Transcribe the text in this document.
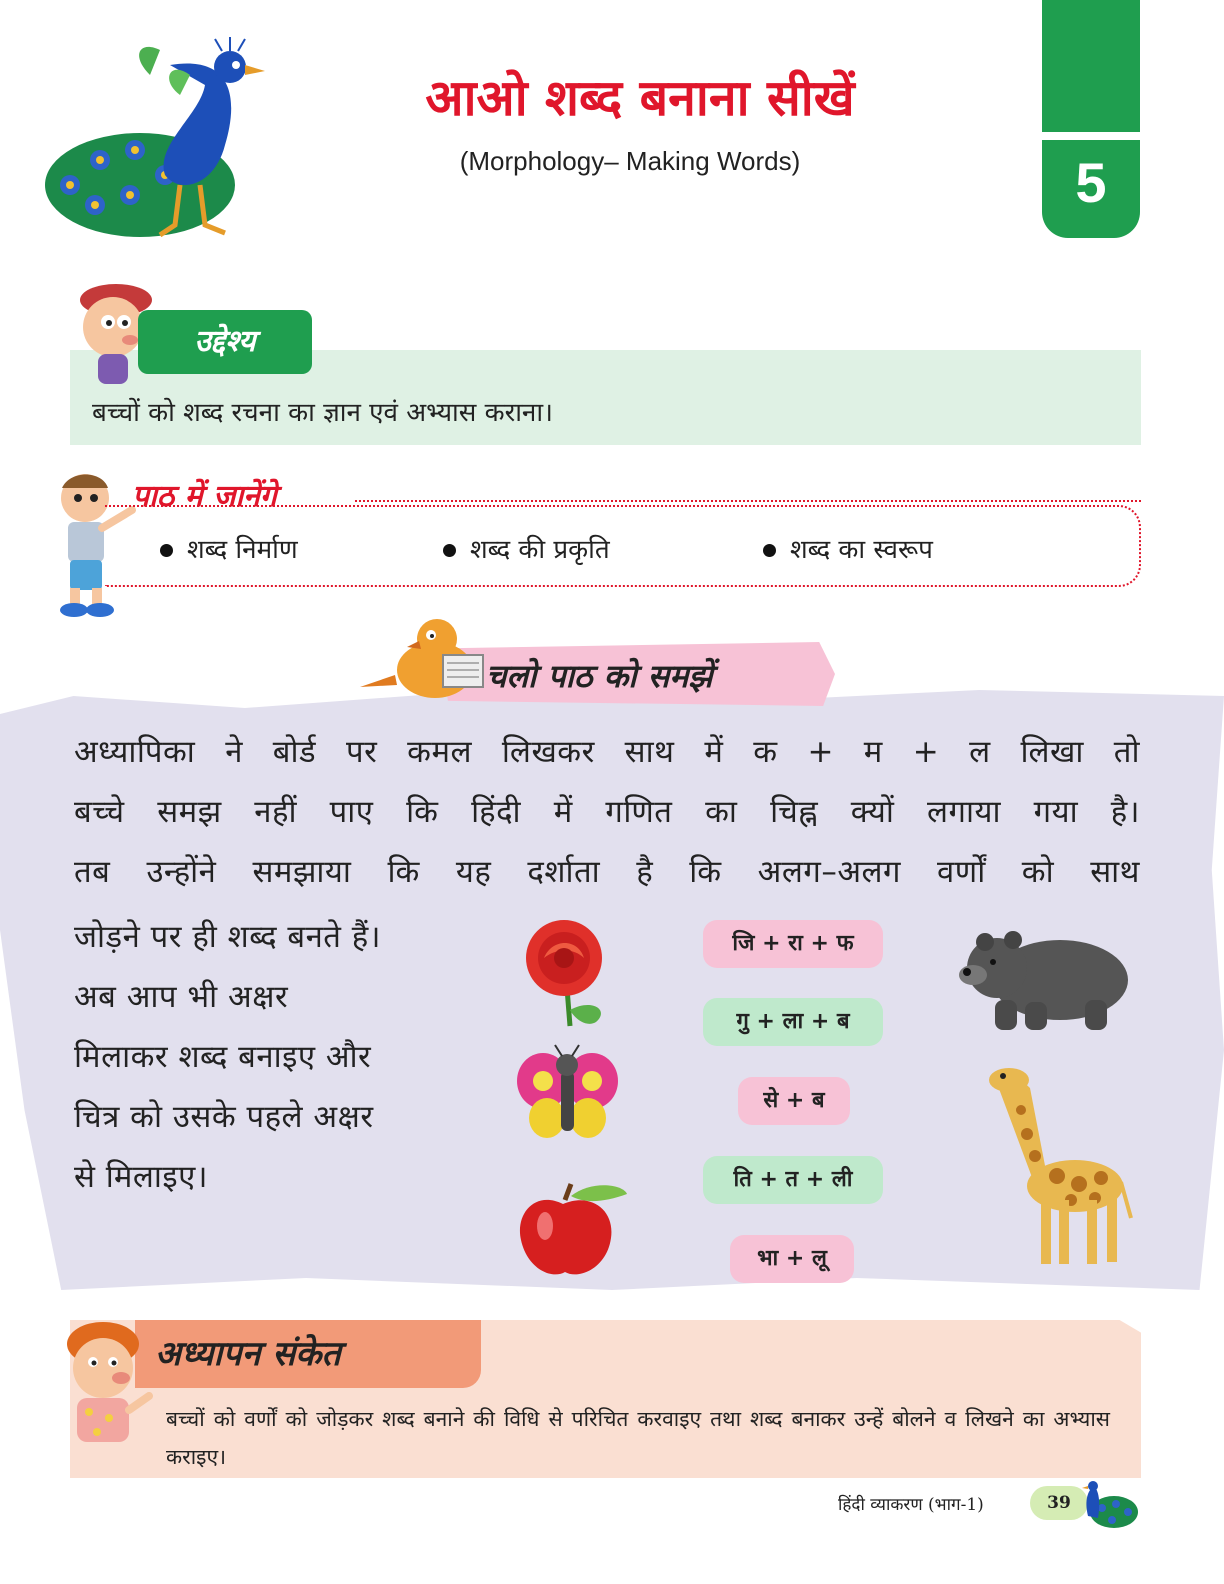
आओ शब्द बनाना सीखें
(Morphology– Making Words)	5
उद्देश्य
बच्चों को शब्द रचना का ज्ञान एवं अभ्यास कराना।
पाठ में जानेंगे
शब्द निर्माण	शब्द की प्रकृति	शब्द का स्वरूप
चलो पाठ को समझें
अध्यापिका ने बोर्ड पर कमल लिखकर साथ में क + म + ल लिखा तो
बच्चे समझ नहीं पाए कि हिंदी में गणित का चिह्न क्यों लगाया गया है।
तब उन्होंने समझाया कि यह दर्शाता है कि अलग–अलग वर्णों को साथ
जोड़ने पर ही शब्द बनते हैं।
अब आप भी अक्षर
मिलाकर शब्द बनाइए और
चित्र को उसके पहले अक्षर
से मिलाइए।
जि + रा + फ
गु + ला + ब
से + ब
ति + त + ली
भा + लू
अध्यापन संकेत
बच्चों को वर्णों को जोड़कर शब्द बनाने की विधि से परिचित करवाइए तथा शब्द बनाकर उन्हें बोलने व लिखने का अभ्यास कराइए।
हिंदी व्याकरण (भाग-1)	39
